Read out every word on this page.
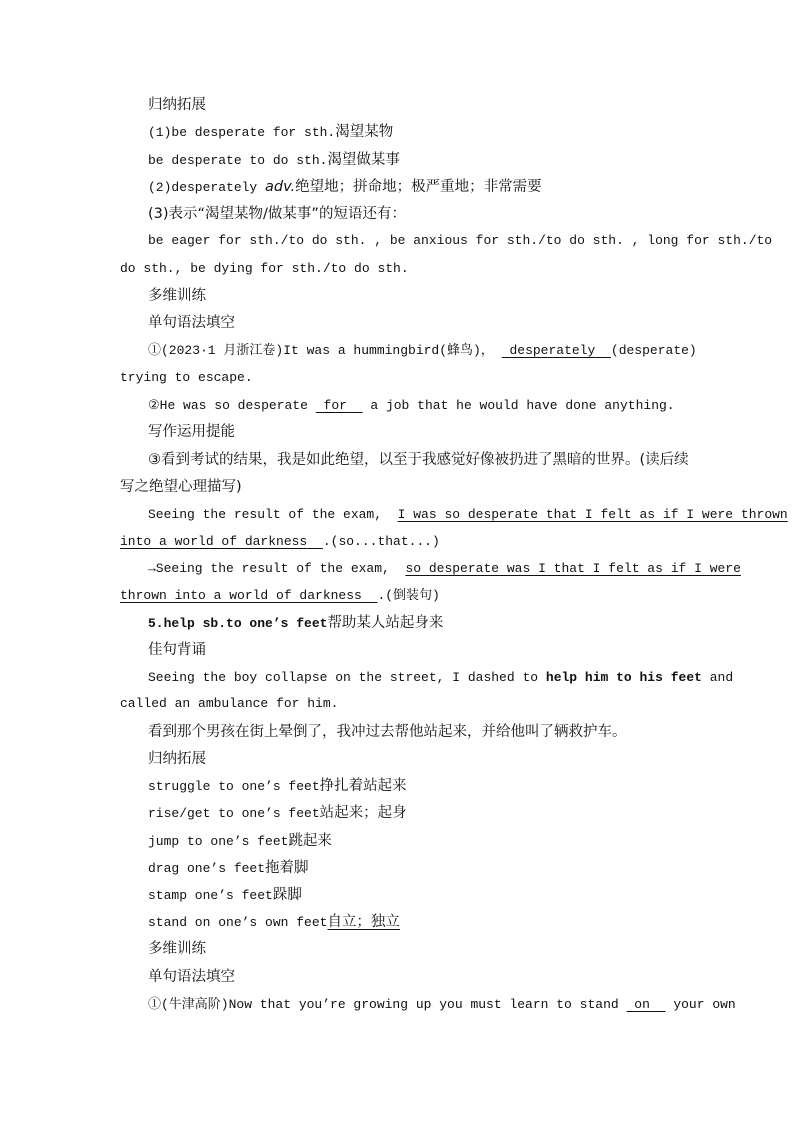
归纳拓展
(1)be desperate for sth.渴望某物
be desperate to do sth.渴望做某事
(2)desperately adv.绝望地；拼命地；极严重地；非常需要
(3)表示“渴望某物/做某事”的短语还有：
be eager for sth./to do sth. , be anxious for sth./to do sth. , long for sth./to
do sth., be dying for sth./to do sth.
多维训练
单句语法填空
①(2023·1 月浙江卷)It was a hummingbird(蜂鸟)， desperately (desperate)
trying to escape.
②He was so desperate for a job that he would have done anything.
写作运用提能
③看到考试的结果，我是如此绝望，以至于我感觉好像被扔进了黑暗的世界。(读后续
写之绝望心理描写)
Seeing the result of the exam, I was so desperate that I felt as if I were thrown
into a world of darkness .(so...that...)
→Seeing the result of the exam, so desperate was I that I felt as if I were
thrown into a world of darkness .(倒装句)
5.help sb.to one’s feet帮助某人站起身来
佳句背诵
Seeing the boy collapse on the street, I dashed to help him to his feet and
called an ambulance for him.
看到那个男孩在街上晕倒了，我冲过去帮他站起来，并给他叫了辆救护车。
归纳拓展
struggle to one’s feet挣扎着站起来
rise/get to one’s feet站起来；起身
jump to one’s feet跳起来
drag one’s feet拖着脚
stamp one’s feet跺脚
stand on one’s own feet自立；独立
多维训练
单句语法填空
①(牛津高阶)Now that you’re growing up you must learn to stand on your own
